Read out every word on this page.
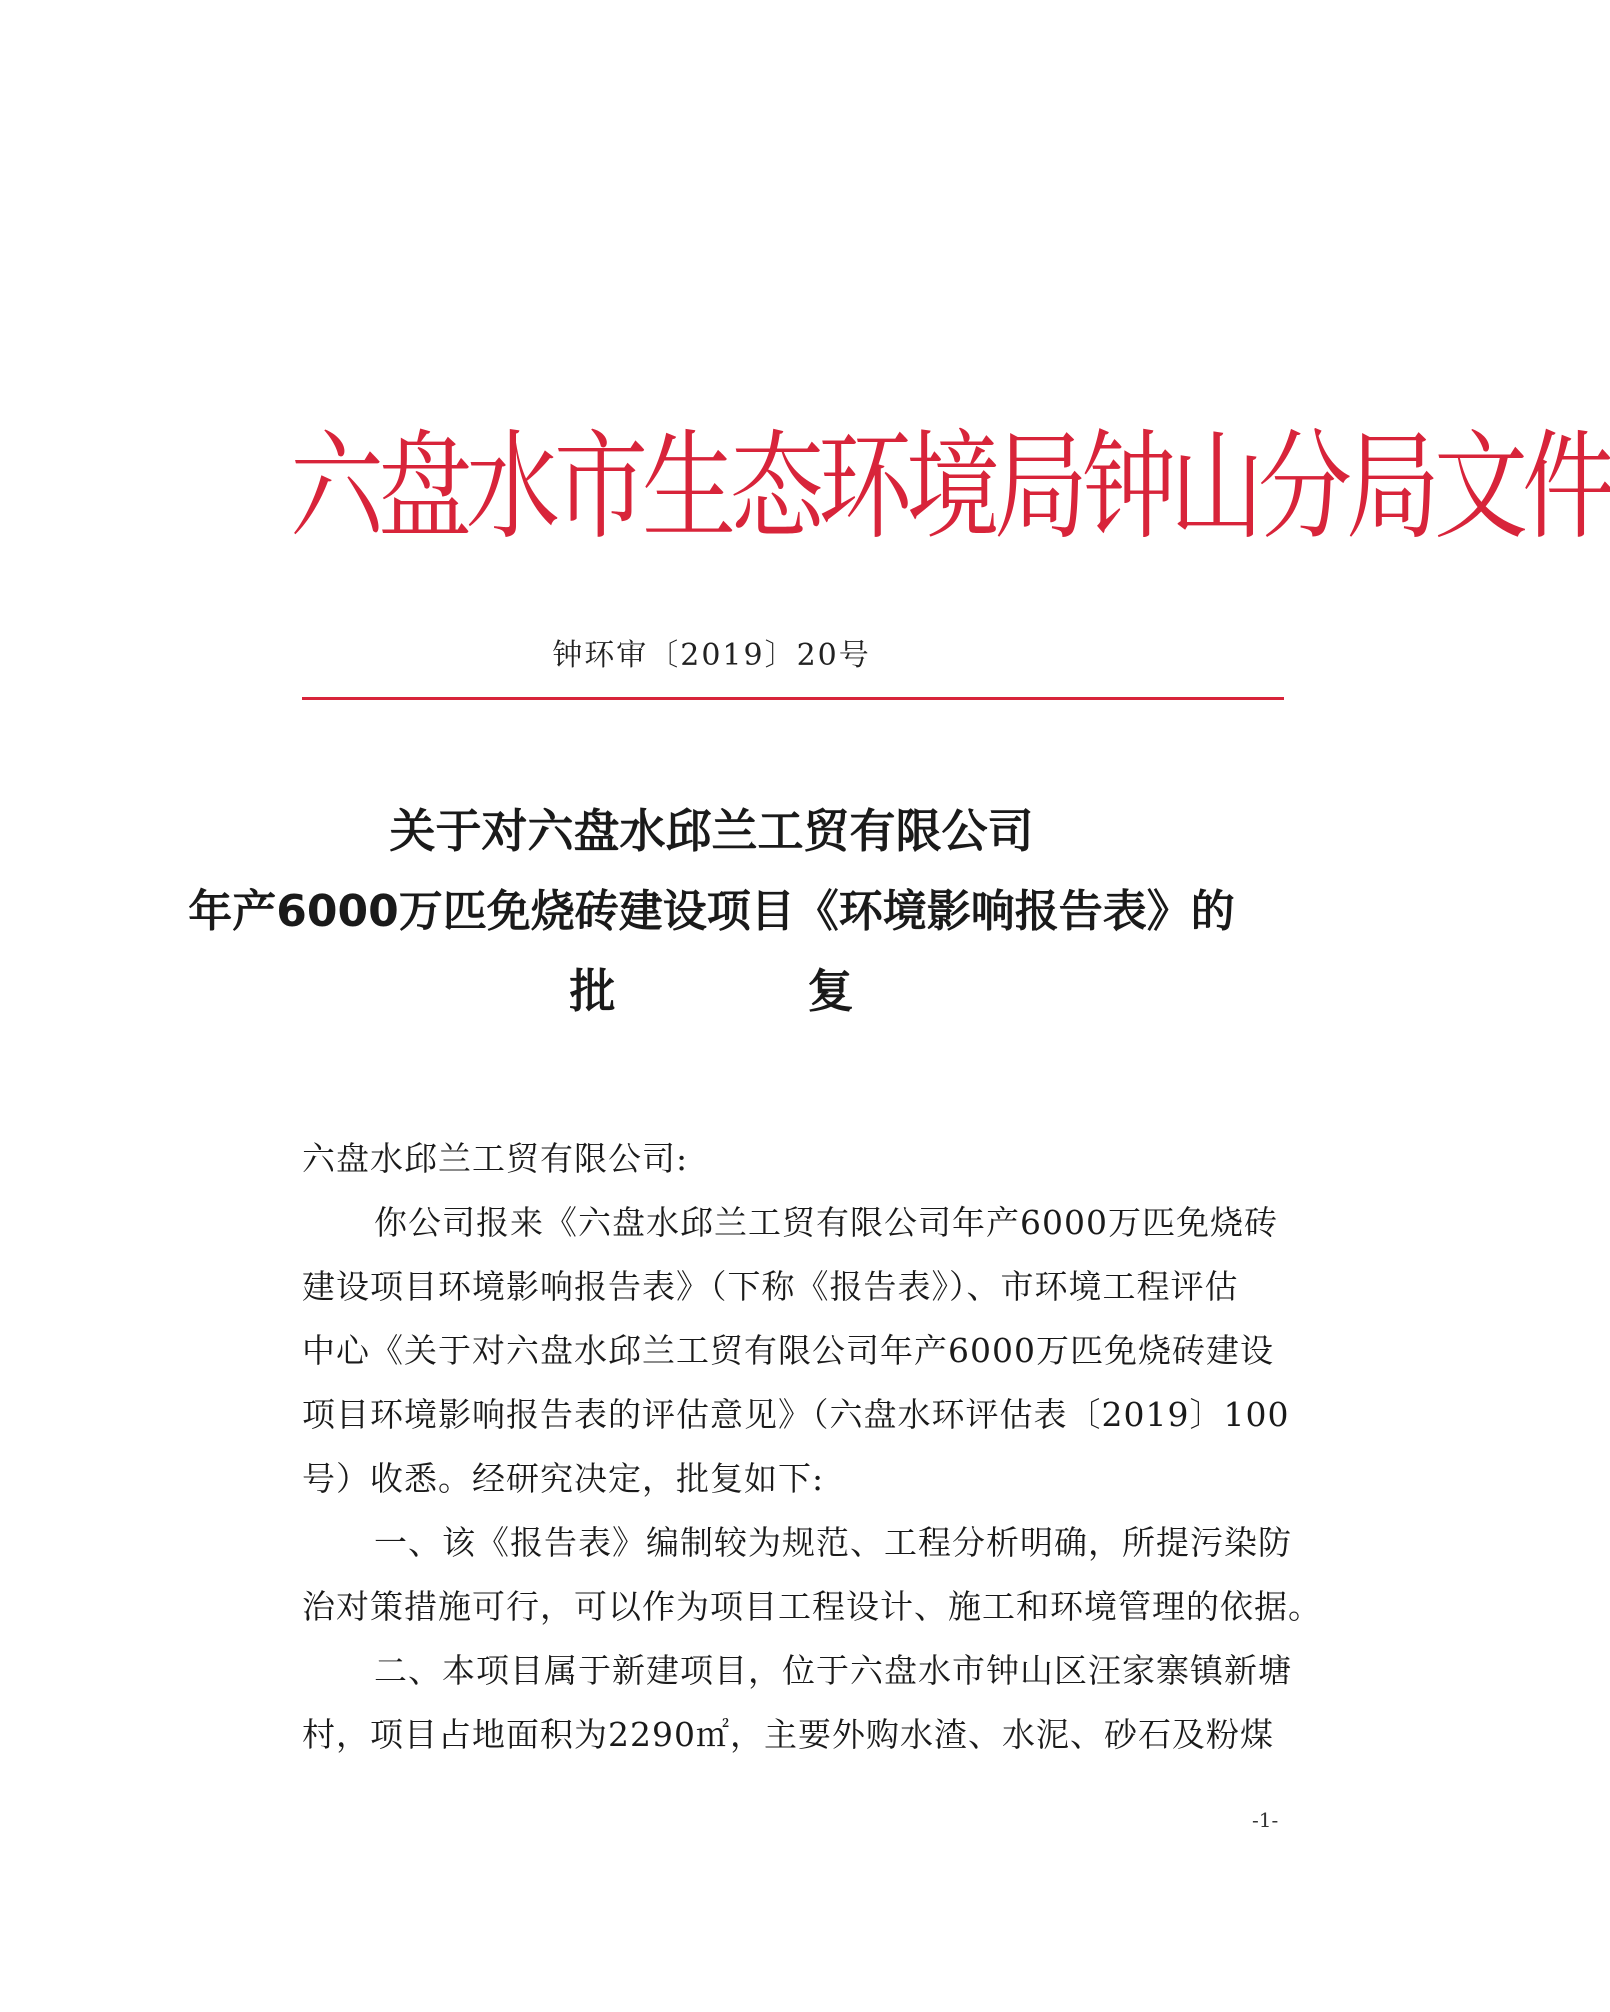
六盘水市生态环境局钟山分局文件
钟环审〔2019〕20号
关于对六盘水邱兰工贸有限公司
年产6000万匹免烧砖建设项目《环境影响报告表》的
批	复
六盘水邱兰工贸有限公司:
你公司报来《六盘水邱兰工贸有限公司年产6000万匹免烧砖
建设项目环境影响报告表》（下称《报告表》）、市环境工程评估
中心《关于对六盘水邱兰工贸有限公司年产6000万匹免烧砖建设
项目环境影响报告表的评估意见》（六盘水环评估表〔2019〕100
号）收悉。经研究决定，批复如下:
一、该《报告表》编制较为规范、工程分析明确，所提污染防
治对策措施可行，可以作为项目工程设计、施工和环境管理的依据。
二、本项目属于新建项目，位于六盘水市钟山区汪家寨镇新塘
村，项目占地面积为2290㎡，主要外购水渣、水泥、砂石及粉煤
-1-
